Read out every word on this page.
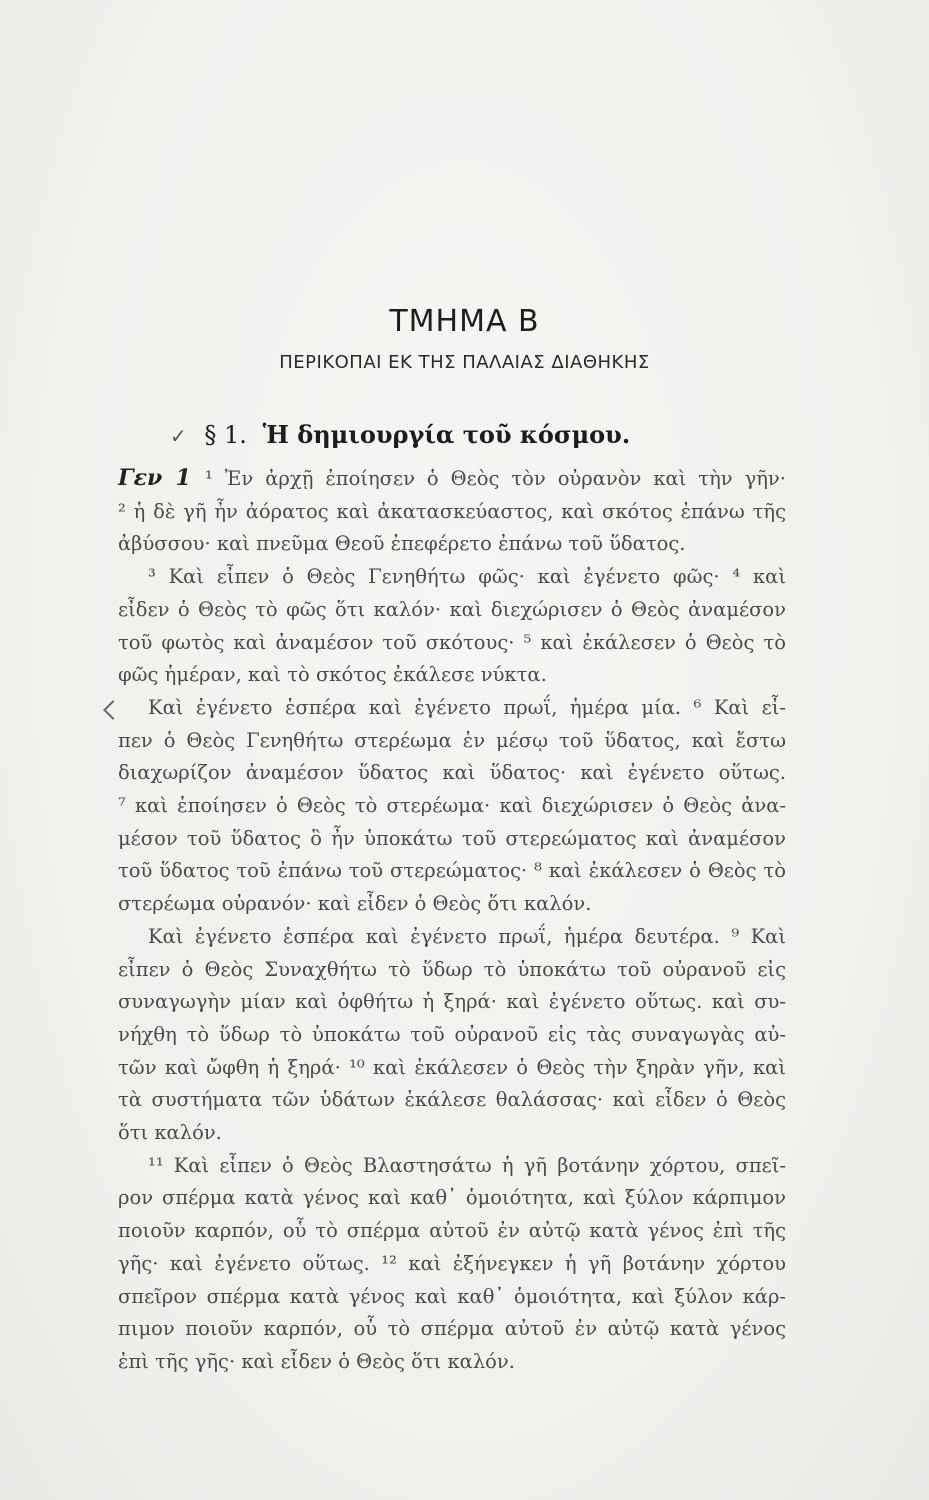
ΤΜΗΜΑ Β
ΠΕΡΙΚΟΠΑΙ ΕΚ ΤΗΣ ΠΑΛΑΙΑΣ ΔΙΑΘΗΚΗΣ
✓ § 1. Ἡ δημιουργία τοῦ κόσμου.
Γεν 1 ¹ Ἐν ἀρχῇ ἐποίησεν ὁ Θεὸς τὸν οὐρανὸν καὶ τὴν γῆν·
² ἡ δὲ γῆ ἦν ἀόρατος καὶ ἀκατασκεύαστος, καὶ σκότος ἐπάνω τῆς
ἀβύσσου· καὶ πνεῦμα Θεοῦ ἐπεφέρετο ἐπάνω τοῦ ὕδατος.
³ Καὶ εἶπεν ὁ Θεὸς Γενηθήτω φῶς· καὶ ἐγένετο φῶς· ⁴ καὶ
εἶδεν ὁ Θεὸς τὸ φῶς ὅτι καλόν· καὶ διεχώρισεν ὁ Θεὸς ἀναμέσον
τοῦ φωτὸς καὶ ἀναμέσον τοῦ σκότους· ⁵ καὶ ἐκάλεσεν ὁ Θεὸς τὸ
φῶς ἡμέραν, καὶ τὸ σκότος ἐκάλεσε νύκτα.
Καὶ ἐγένετο ἑσπέρα καὶ ἐγένετο πρωΐ, ἡμέρα μία. ⁶ Καὶ εἶ-
πεν ὁ Θεὸς Γενηθήτω στερέωμα ἐν μέσῳ τοῦ ὕδατος, καὶ ἔστω
διαχωρίζον ἀναμέσον ὕδατος καὶ ὕδατος· καὶ ἐγένετο οὕτως.
⁷ καὶ ἐποίησεν ὁ Θεὸς τὸ στερέωμα· καὶ διεχώρισεν ὁ Θεὸς ἀνα-
μέσον τοῦ ὕδατος ὃ ἦν ὑποκάτω τοῦ στερεώματος καὶ ἀναμέσον
τοῦ ὕδατος τοῦ ἐπάνω τοῦ στερεώματος· ⁸ καὶ ἐκάλεσεν ὁ Θεὸς τὸ
στερέωμα οὐρανόν· καὶ εἶδεν ὁ Θεὸς ὅτι καλόν.
Καὶ ἐγένετο ἑσπέρα καὶ ἐγένετο πρωΐ, ἡμέρα δευτέρα. ⁹ Καὶ
εἶπεν ὁ Θεὸς Συναχθήτω τὸ ὕδωρ τὸ ὑποκάτω τοῦ οὐρανοῦ εἰς
συναγωγὴν μίαν καὶ ὀφθήτω ἡ ξηρά· καὶ ἐγένετο οὕτως. καὶ συ-
νήχθη τὸ ὕδωρ τὸ ὑποκάτω τοῦ οὐρανοῦ εἰς τὰς συναγωγὰς αὐ-
τῶν καὶ ὤφθη ἡ ξηρά· ¹⁰ καὶ ἐκάλεσεν ὁ Θεὸς τὴν ξηρὰν γῆν, καὶ
τὰ συστήματα τῶν ὑδάτων ἐκάλεσε θαλάσσας· καὶ εἶδεν ὁ Θεὸς
ὅτι καλόν.
¹¹ Καὶ εἶπεν ὁ Θεὸς Βλαστησάτω ἡ γῆ βοτάνην χόρτου, σπεῖ-
ρον σπέρμα κατὰ γένος καὶ καθ᾿ ὁμοιότητα, καὶ ξύλον κάρπιμον
ποιοῦν καρπόν, οὗ τὸ σπέρμα αὐτοῦ ἐν αὐτῷ κατὰ γένος ἐπὶ τῆς
γῆς· καὶ ἐγένετο οὕτως. ¹² καὶ ἐξήνεγκεν ἡ γῆ βοτάνην χόρτου
σπεῖρον σπέρμα κατὰ γένος καὶ καθ᾿ ὁμοιότητα, καὶ ξύλον κάρ-
πιμον ποιοῦν καρπόν, οὗ τὸ σπέρμα αὐτοῦ ἐν αὐτῷ κατὰ γένος
ἐπὶ τῆς γῆς· καὶ εἶδεν ὁ Θεὸς ὅτι καλόν.
